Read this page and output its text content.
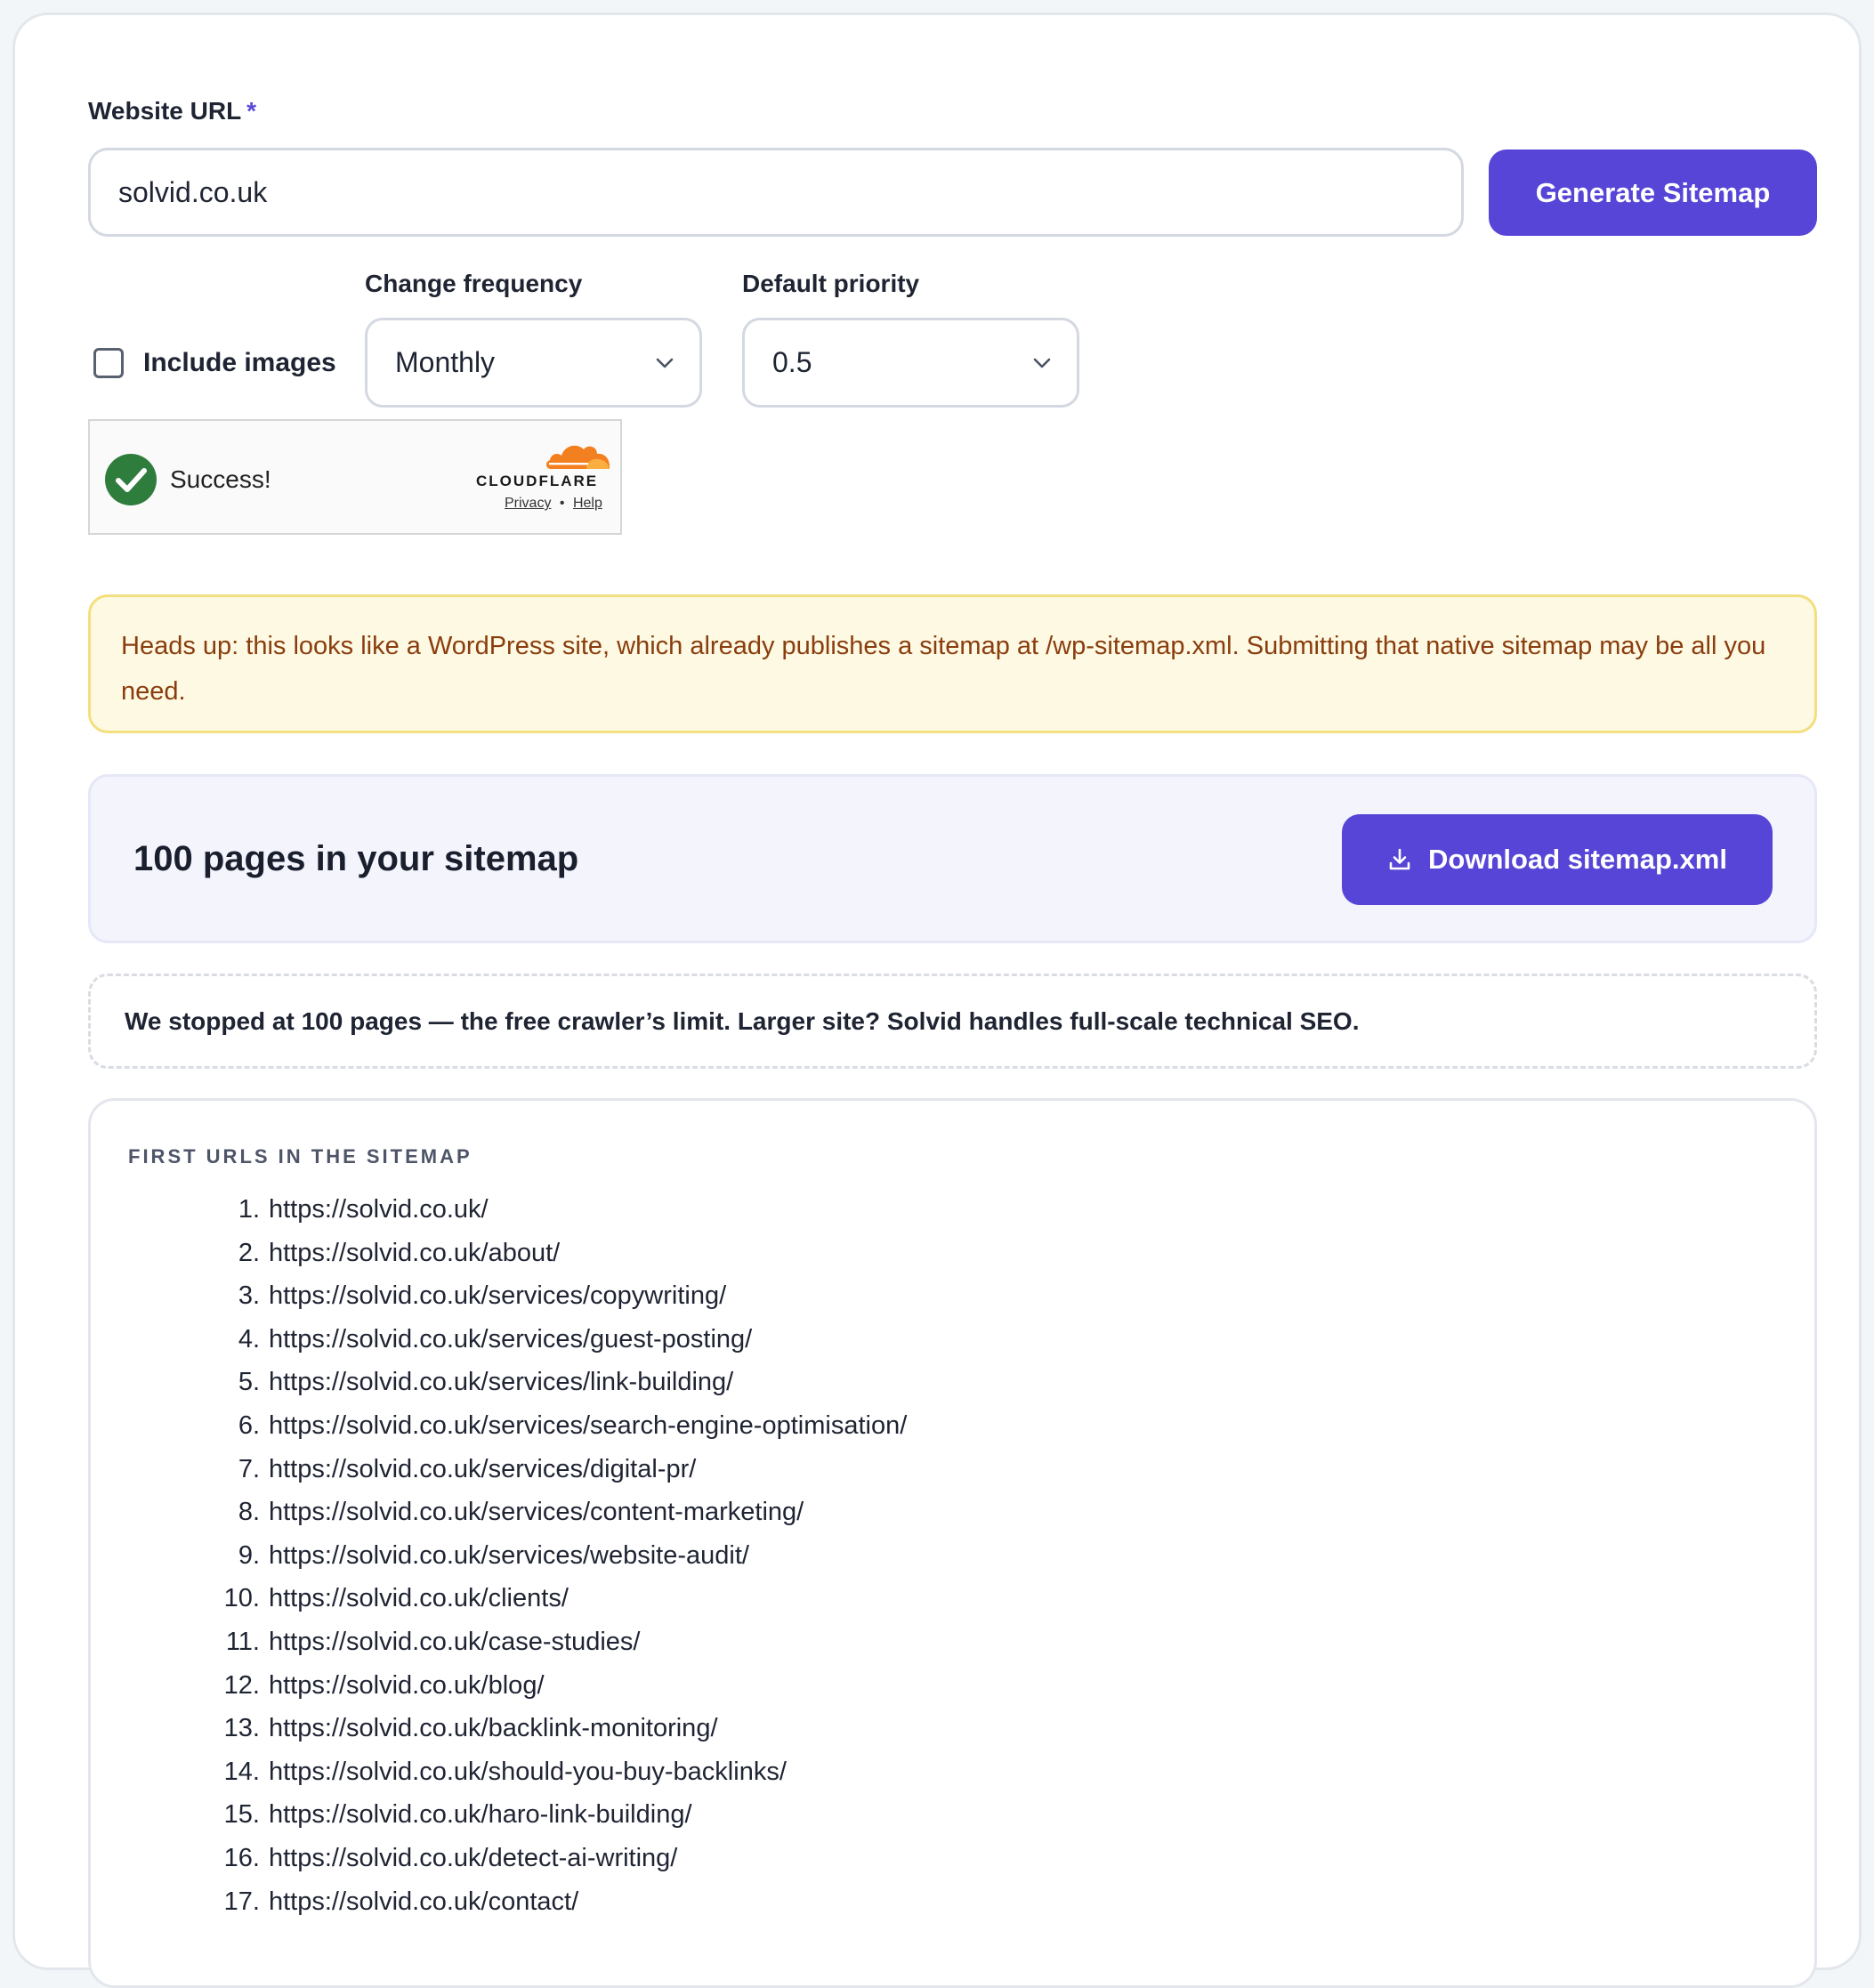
Website URL *
solvid.co.uk	Generate Sitemap
Change frequency	Default priority
Include images Monthly	0.5
Success!	CLOUDFLARE
Privacy • Help
Heads up: this looks like a WordPress site, which already publishes a sitemap at /wp-sitemap.xml. Submitting that native sitemap may be all you need.
100 pages in your sitemap	Download sitemap.xml
We stopped at 100 pages — the free crawler’s limit. Larger site? Solvid handles full-scale technical SEO.
FIRST URLS IN THE SITEMAP
1. https://solvid.co.uk/
2. https://solvid.co.uk/about/
3. https://solvid.co.uk/services/copywriting/
4. https://solvid.co.uk/services/guest-posting/
5. https://solvid.co.uk/services/link-building/
6. https://solvid.co.uk/services/search-engine-optimisation/
7. https://solvid.co.uk/services/digital-pr/
8. https://solvid.co.uk/services/content-marketing/
9. https://solvid.co.uk/services/website-audit/
10. https://solvid.co.uk/clients/
11. https://solvid.co.uk/case-studies/
12. https://solvid.co.uk/blog/
13. https://solvid.co.uk/backlink-monitoring/
14. https://solvid.co.uk/should-you-buy-backlinks/
15. https://solvid.co.uk/haro-link-building/
16. https://solvid.co.uk/detect-ai-writing/
17. https://solvid.co.uk/contact/
